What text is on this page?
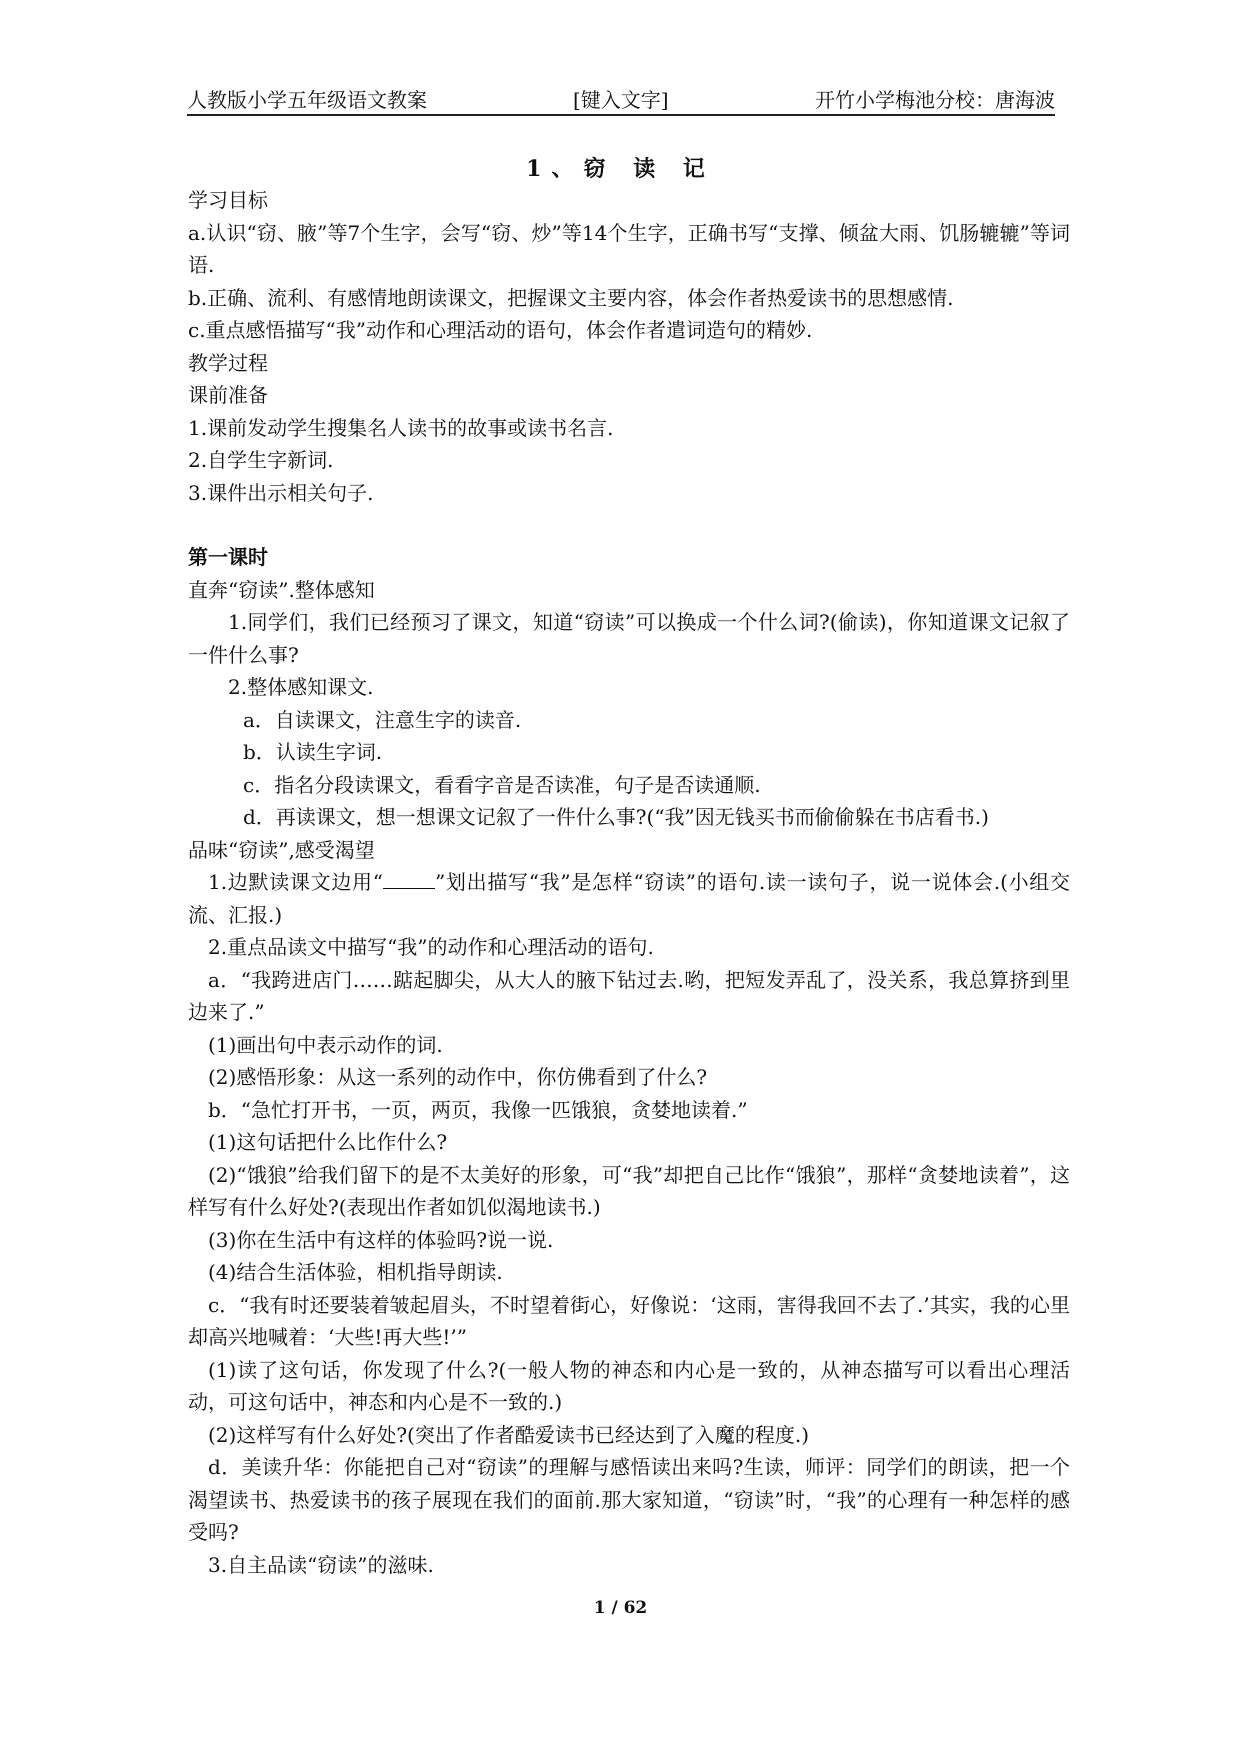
人教版小学五年级语文教案	[键入文字]	开竹小学梅池分校：唐海波
1、窃 读 记

学习目标

a.认识“窃、腋”等7个生字，会写“窃、炒”等14个生字，正确书写“支撑、倾盆大雨、饥肠辘辘”等词语.

b.正确、流利、有感情地朗读课文，把握课文主要内容，体会作者热爱读书的思想感情.

c.重点感悟描写“我”动作和心理活动的语句，体会作者遣词造句的精妙.

教学过程

课前准备

1.课前发动学生搜集名人读书的故事或读书名言.

2.自学生字新词.

3.课件出示相关句子.

第一课时

直奔“窃读”.整体感知

1.同学们，我们已经预习了课文，知道“窃读”可以换成一个什么词?(偷读)，你知道课文记叙了一件什么事?

2.整体感知课文.

a．自读课文，注意生字的读音.

b．认读生字词.

c．指名分段读课文，看看字音是否读准，句子是否读通顺.

d．再读课文，想一想课文记叙了一件什么事?(“我”因无钱买书而偷偷躲在书店看书.)

品味“窃读”,感受渴望

1.边默读课文边用“	”划出描写“我”是怎样“窃读”的语句.读一读句子，说一说体会.(小组交流、汇报.)

2.重点品读文中描写“我”的动作和心理活动的语句.

a．“我跨进店门……踮起脚尖，从大人的腋下钻过去.哟，把短发弄乱了，没关系，我总算挤到里边来了.”

(1)画出句中表示动作的词.

(2)感悟形象：从这一系列的动作中，你仿佛看到了什么?

b．“急忙打开书，一页，两页，我像一匹饿狼，贪婪地读着.”

(1)这句话把什么比作什么?

(2)“饿狼”给我们留下的是不太美好的形象，可“我”却把自己比作“饿狼”，那样“贪婪地读着”，这样写有什么好处?(表现出作者如饥似渴地读书.)

(3)你在生活中有这样的体验吗?说一说.

(4)结合生活体验，相机指导朗读.

c．“我有时还要装着皱起眉头，不时望着街心，好像说：‘这雨，害得我回不去了.’其实，我的心里却高兴地喊着：‘大些!再大些!’”

(1)读了这句话，你发现了什么?(一般人物的神态和内心是一致的，从神态描写可以看出心理活动，可这句话中，神态和内心是不一致的.)

(2)这样写有什么好处?(突出了作者酷爱读书已经达到了入魔的程度.)

d．美读升华：你能把自己对“窃读”的理解与感悟读出来吗?生读，师评：同学们的朗读，把一个渴望读书、热爱读书的孩子展现在我们的面前.那大家知道，“窃读”时，“我”的心理有一种怎样的感受吗?

3.自主品读“窃读”的滋味.

1 / 62
